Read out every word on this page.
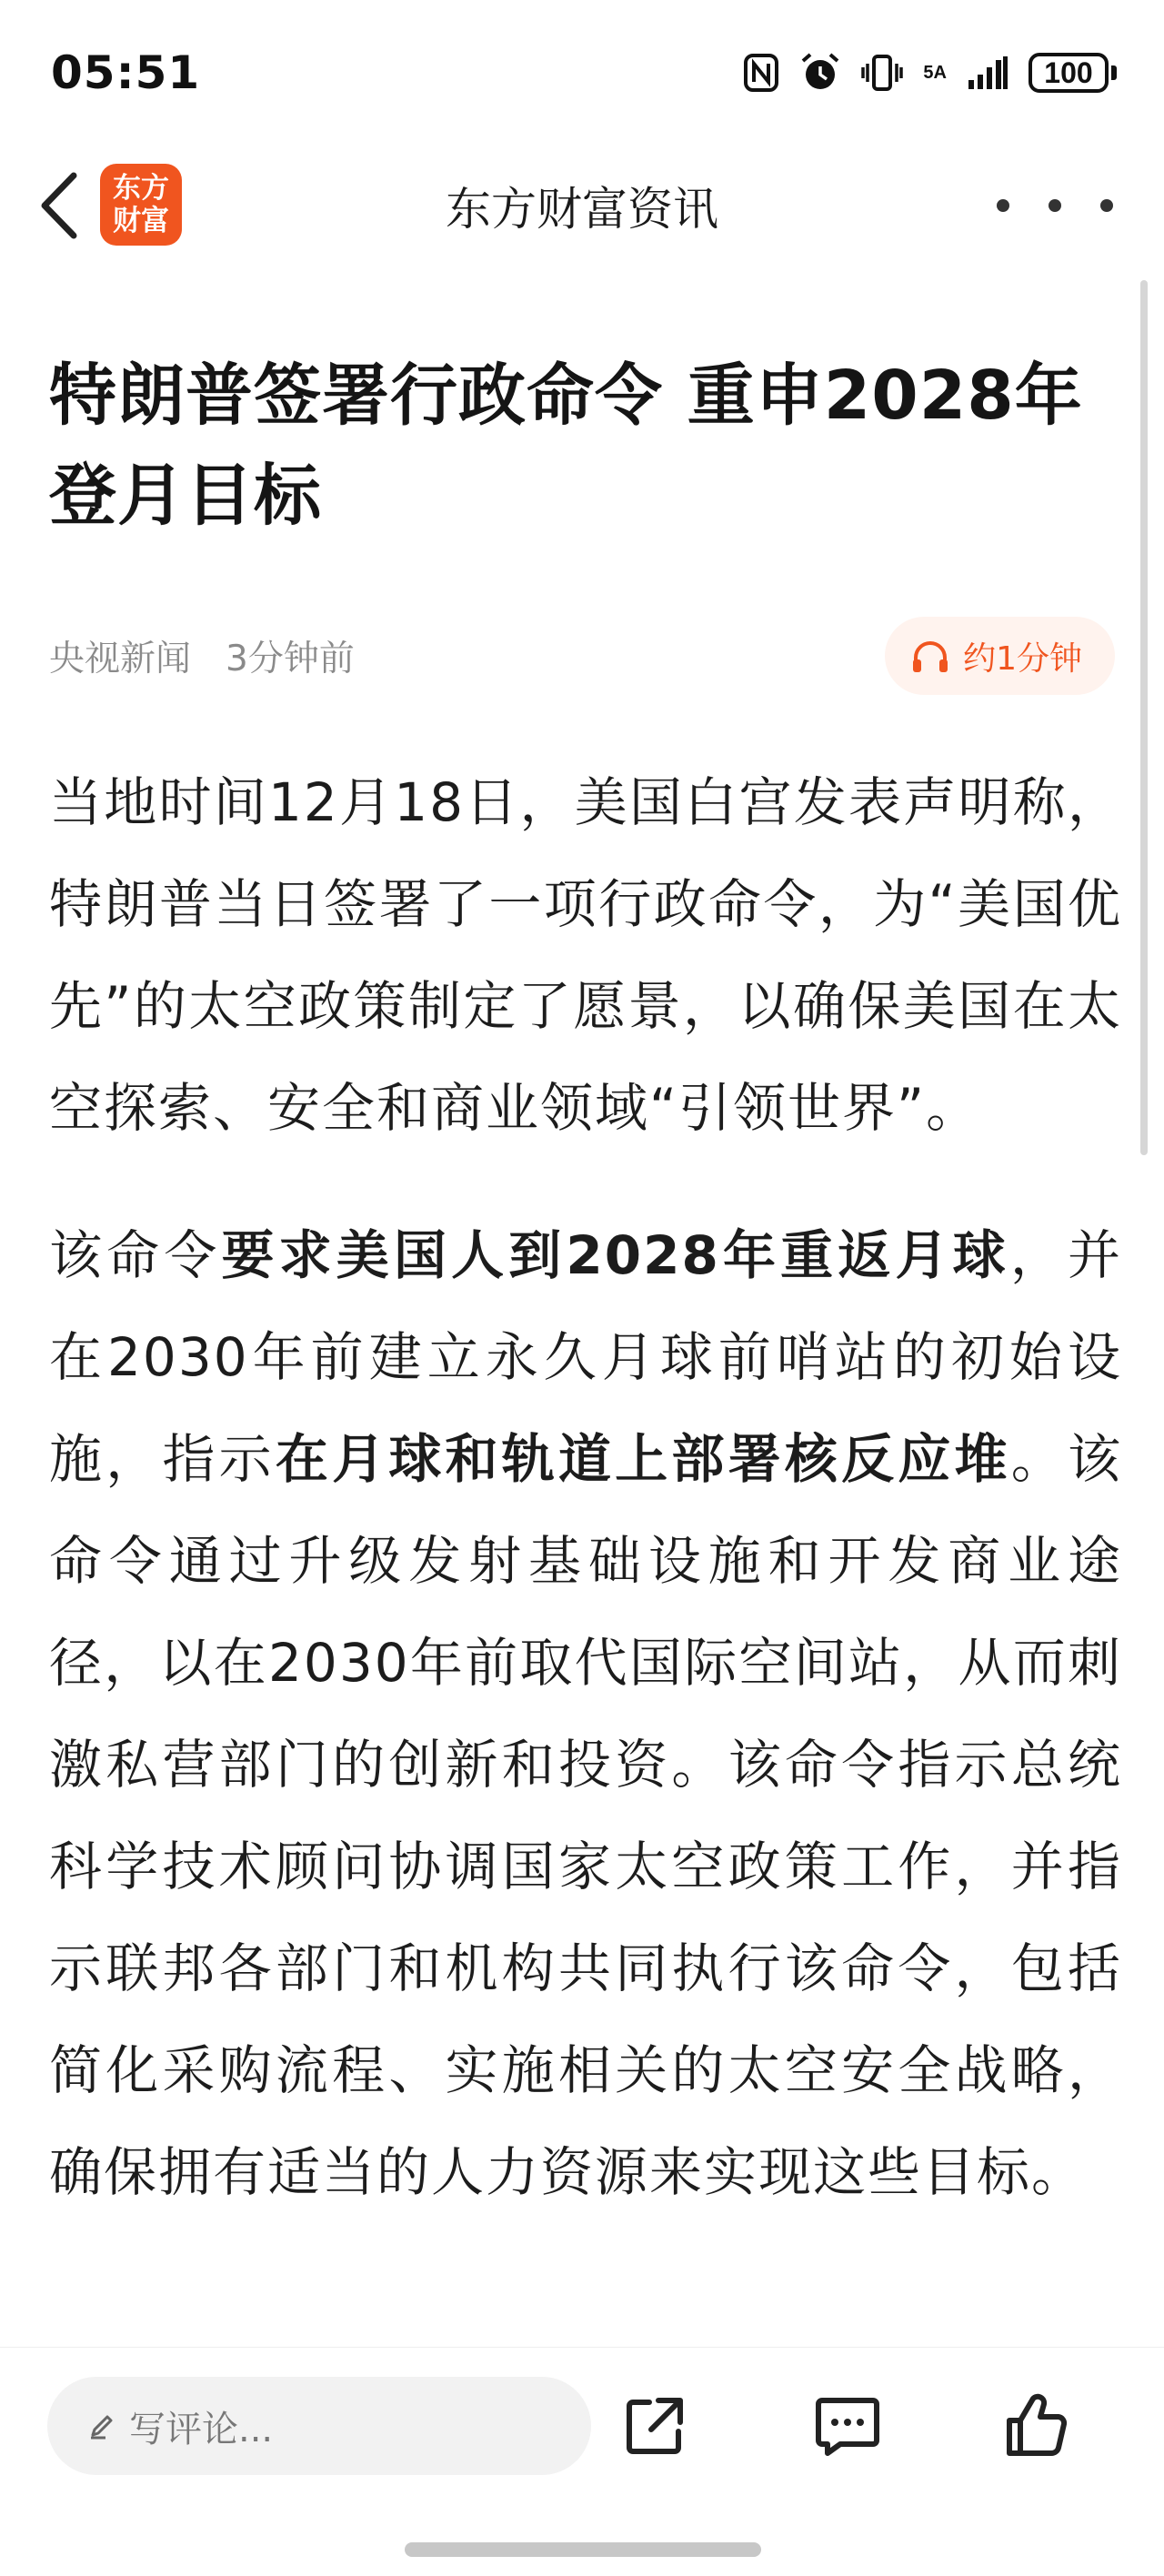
05:51	5A	100
东方
财富	东方财富资讯
特朗普签署行政命令 重申2028年登月目标
央视新闻 3分钟前	约1分钟

当地时间12月18日，美国白宫发表声明称，特朗普当日签署了一项行政命令，为“美国优先”的太空政策制定了愿景，以确保美国在太空探索、安全和商业领域“引领世界”。

该命令要求美国人到2028年重返月球，并在2030年前建立永久月球前哨站的初始设施，指示在月球和轨道上部署核反应堆。该命令通过升级发射基础设施和开发商业途径，以在2030年前取代国际空间站，从而刺激私营部门的创新和投资。该命令指示总统科学技术顾问协调国家太空政策工作，并指示联邦各部门和机构共同执行该命令，包括简化采购流程、实施相关的太空安全战略，确保拥有适当的人力资源来实现这些目标。

写评论...
